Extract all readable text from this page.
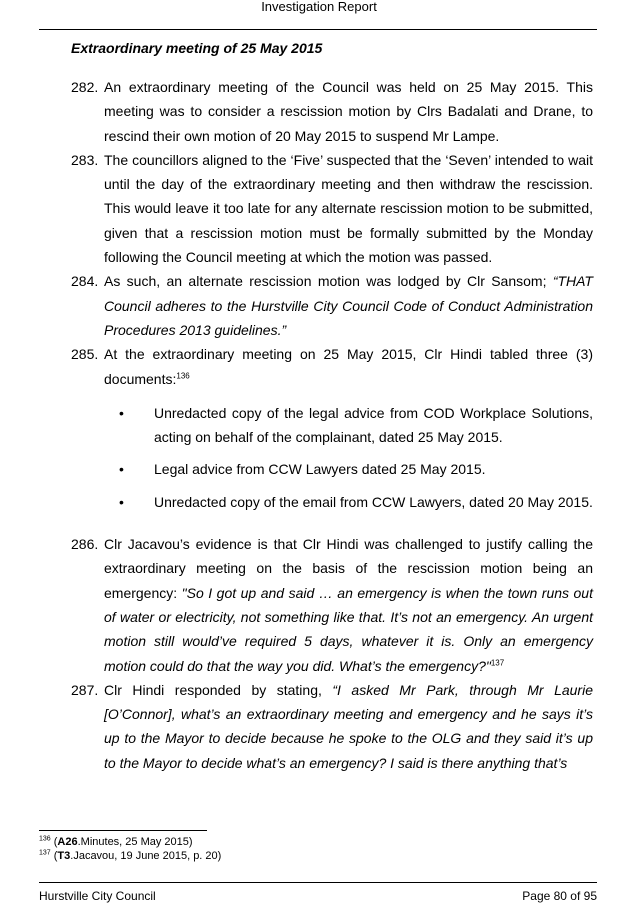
Investigation Report
Extraordinary meeting of 25 May 2015

282. An extraordinary meeting of the Council was held on 25 May 2015. This meeting was to consider a rescission motion by Clrs Badalati and Drane, to rescind their own motion of 20 May 2015 to suspend Mr Lampe.

283. The councillors aligned to the ‘Five’ suspected that the ‘Seven’ intended to wait until the day of the extraordinary meeting and then withdraw the rescission. This would leave it too late for any alternate rescission motion to be submitted, given that a rescission motion must be formally submitted by the Monday following the Council meeting at which the motion was passed.

284. As such, an alternate rescission motion was lodged by Clr Sansom; “THAT Council adheres to the Hurstville City Council Code of Conduct Administration Procedures 2013 guidelines.”

285. At the extraordinary meeting on 25 May 2015, Clr Hindi tabled three (3) documents:$^{136}$

• Unredacted copy of the legal advice from COD Workplace Solutions, acting on behalf of the complainant, dated 25 May 2015.

• Legal advice from CCW Lawyers dated 25 May 2015.

• Unredacted copy of the email from CCW Lawyers, dated 20 May 2015.

286. Clr Jacavou’s evidence is that Clr Hindi was challenged to justify calling the extraordinary meeting on the basis of the rescission motion being an emergency: "So I got up and said … an emergency is when the town runs out of water or electricity, not something like that. It’s not an emergency. An urgent motion still would’ve required 5 days, whatever it is. Only an emergency motion could do that the way you did. What’s the emergency?"$^{137}$

287. Clr Hindi responded by stating, “I asked Mr Park, through Mr Laurie [O’Connor], what’s an extraordinary meeting and emergency and he says it’s up to the Mayor to decide because he spoke to the OLG and they said it’s up to the Mayor to decide what’s an emergency? I said is there anything that’s

$^{136}$ (A26.Minutes, 25 May 2015)
$^{137}$ (T3.Jacavou, 19 June 2015, p. 20)
Hurstville City Council	Page 80 of 95
